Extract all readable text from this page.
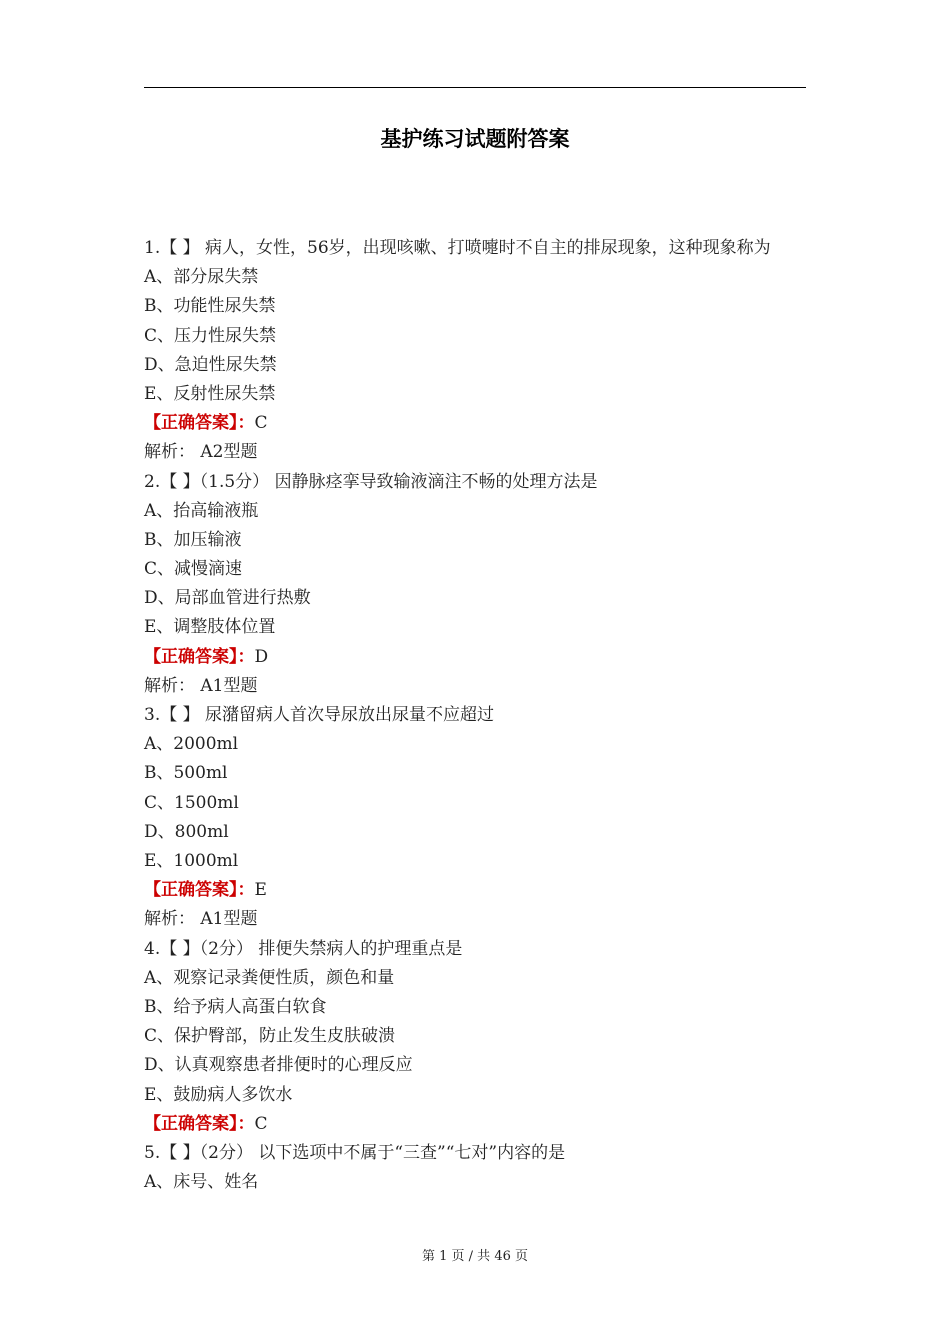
基护练习试题附答案
1.【 】 病人，女性，56岁，出现咳嗽、打喷嚏时不自主的排尿现象，这种现象称为
A、部分尿失禁
B、功能性尿失禁
C、压力性尿失禁
D、急迫性尿失禁
E、反射性尿失禁
【正确答案】：C
解析： A2型题
2.【 】（1.5分） 因静脉痉挛导致输液滴注不畅的处理方法是
A、抬高输液瓶
B、加压输液
C、减慢滴速
D、局部血管进行热敷
E、调整肢体位置
【正确答案】：D
解析： A1型题
3.【 】 尿潴留病人首次导尿放出尿量不应超过
A、2000ml
B、500ml
C、1500ml
D、800ml
E、1000ml
【正确答案】：E
解析： A1型题
4.【 】（2分） 排便失禁病人的护理重点是
A、观察记录粪便性质，颜色和量
B、给予病人高蛋白软食
C、保护臀部，防止发生皮肤破溃
D、认真观察患者排便时的心理反应
E、鼓励病人多饮水
【正确答案】：C
5.【 】（2分） 以下选项中不属于“三查”“七对”内容的是
A、床号、姓名
第 1 页 / 共 46 页
